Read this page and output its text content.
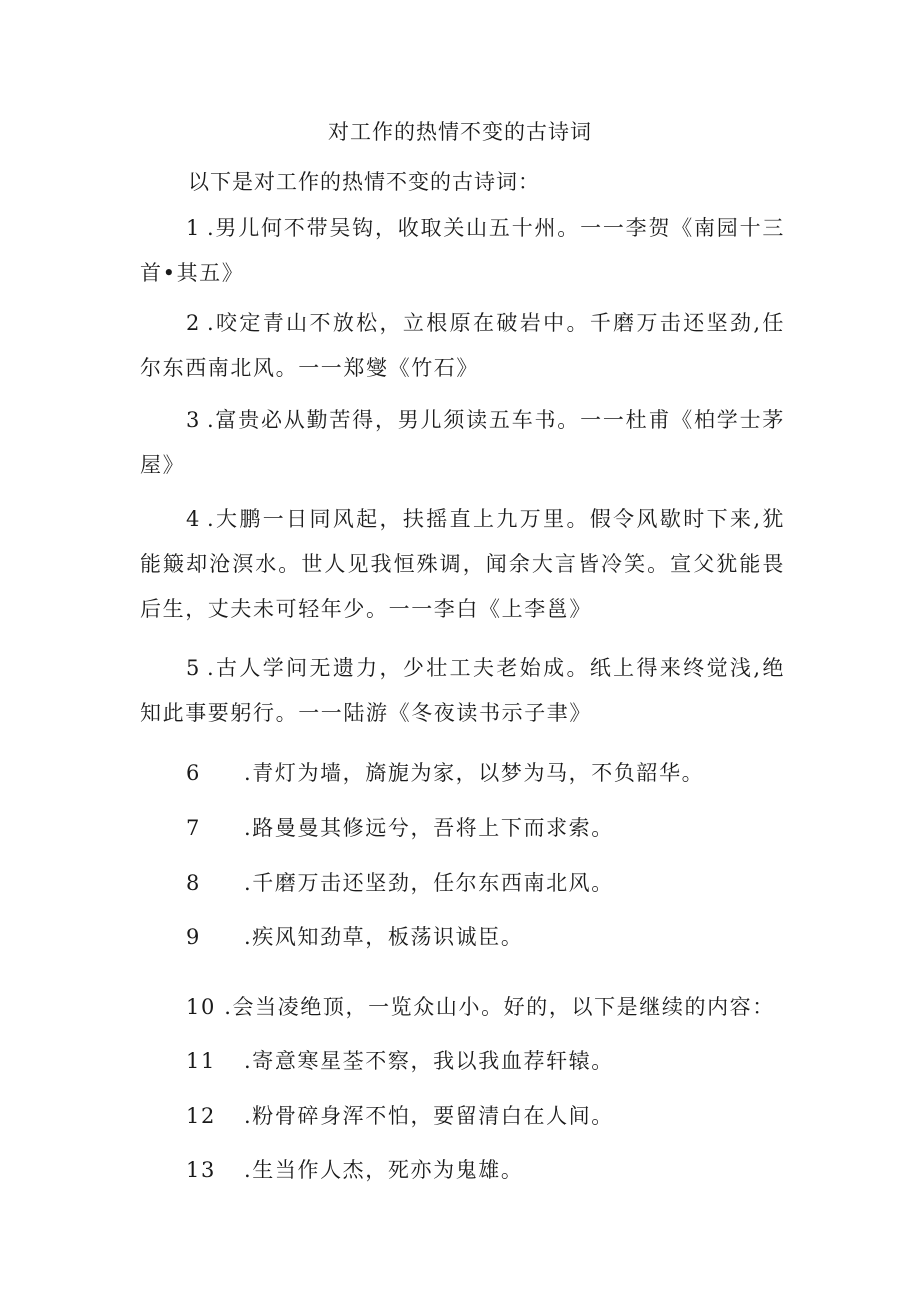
对工作的热情不变的古诗词
以下是对工作的热情不变的古诗词：
1 .男儿何不带吴钩，收取关山五十州。一一李贺《南园十三首•其五》
2 .咬定青山不放松，立根原在破岩中。千磨万击还坚劲,任尔东西南北风。一一郑燮《竹石》
3 .富贵必从勤苦得，男儿须读五车书。一一杜甫《柏学士茅屋》
4 .大鹏一日同风起，扶摇直上九万里。假令风歇时下来,犹能簸却沧溟水。世人见我恒殊调，闻余大言皆冷笑。宣父犹能畏后生，丈夫未可轻年少。一一李白《上李邕》
5 .古人学问无遗力，少壮工夫老始成。纸上得来终觉浅,绝知此事要躬行。一一陆游《冬夜读书示子聿》
6 .青灯为墙，旖旎为家，以梦为马，不负韶华。
7 .路曼曼其修远兮，吾将上下而求索。
8 .千磨万击还坚劲，任尔东西南北风。
9 .疾风知劲草，板荡识诚臣。
10 .会当凌绝顶，一览众山小。好的，以下是继续的内容：
11 .寄意寒星荃不察，我以我血荐轩辕。
12 .粉骨碎身浑不怕，要留清白在人间。
13 .生当作人杰，死亦为鬼雄。
